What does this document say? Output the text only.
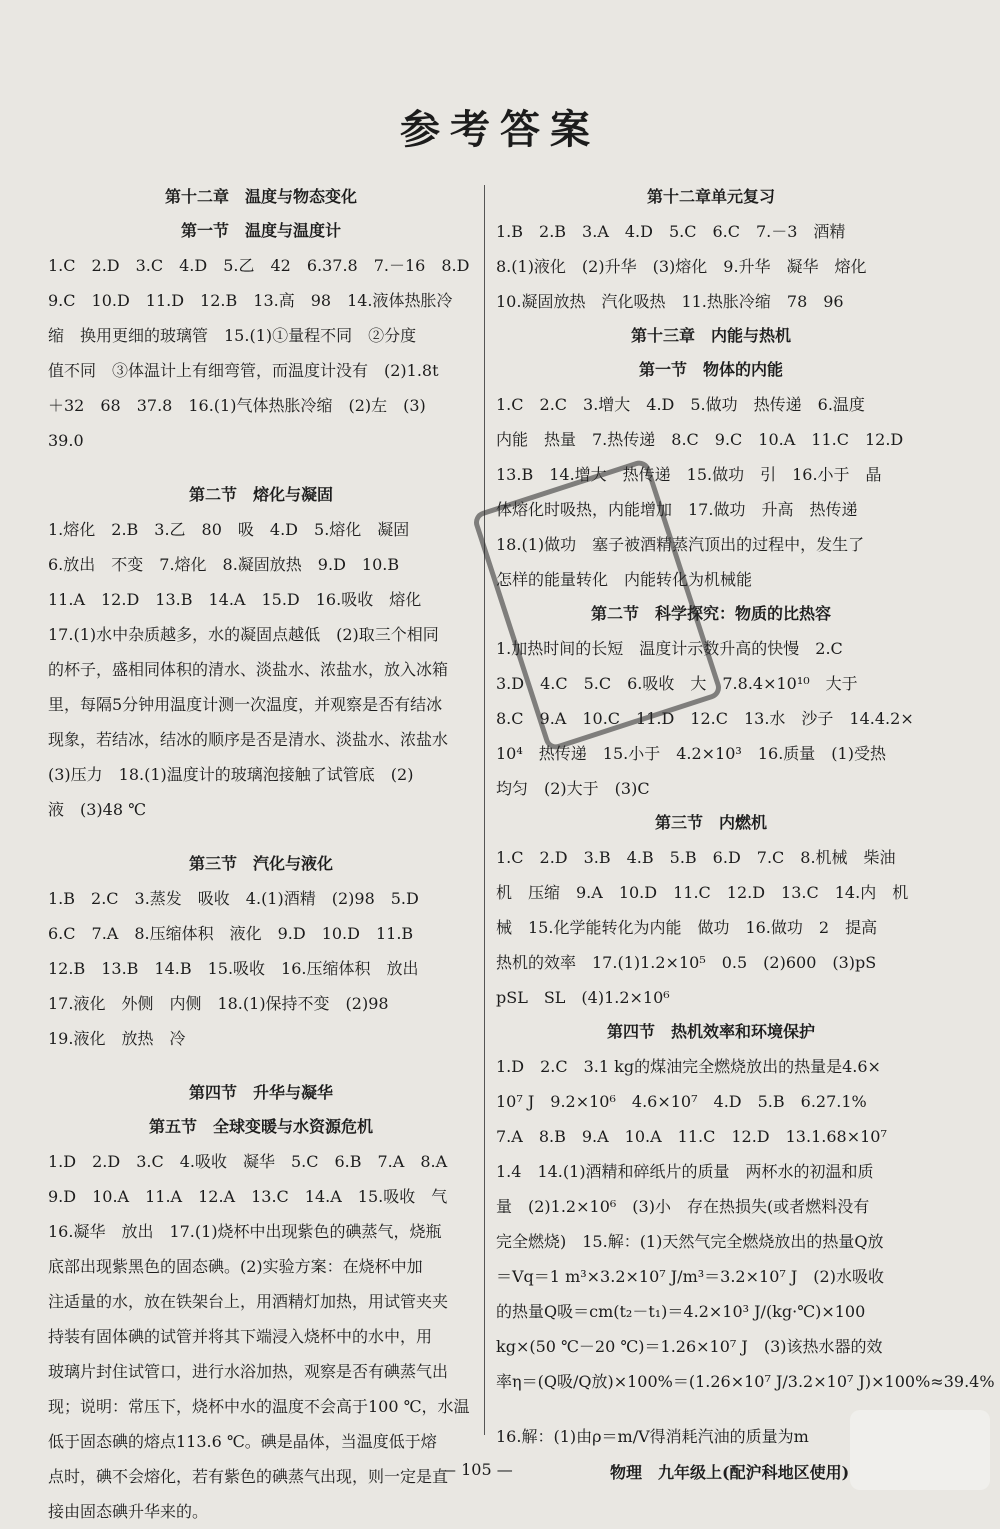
参考答案
第十二章　温度与物态变化
第一节　温度与温度计
1.C　2.D　3.C　4.D　5.乙　42　6.37.8　7.－16　8.D
9.C　10.D　11.D　12.B　13.高　98　14.液体热胀冷
缩　换用更细的玻璃管　15.(1)①量程不同　②分度
值不同　③体温计上有细弯管，而温度计没有　(2)1.8t
＋32　68　37.8　16.(1)气体热胀冷缩　(2)左　(3)
39.0
第二节　熔化与凝固
1.熔化　2.B　3.乙　80　吸　4.D　5.熔化　凝固
6.放出　不变　7.熔化　8.凝固放热　9.D　10.B
11.A　12.D　13.B　14.A　15.D　16.吸收　熔化
17.(1)水中杂质越多，水的凝固点越低　(2)取三个相同
的杯子，盛相同体积的清水、淡盐水、浓盐水，放入冰箱
里，每隔5分钟用温度计测一次温度，并观察是否有结冰
现象，若结冰，结冰的顺序是否是清水、淡盐水、浓盐水
(3)压力　18.(1)温度计的玻璃泡接触了试管底　(2)
液　(3)48 ℃
第三节　汽化与液化
1.B　2.C　3.蒸发　吸收　4.(1)酒精　(2)98　5.D
6.C　7.A　8.压缩体积　液化　9.D　10.D　11.B
12.B　13.B　14.B　15.吸收　16.压缩体积　放出
17.液化　外侧　内侧　18.(1)保持不变　(2)98
19.液化　放热　冷
第四节　升华与凝华
第五节　全球变暖与水资源危机
1.D　2.D　3.C　4.吸收　凝华　5.C　6.B　7.A　8.A
9.D　10.A　11.A　12.A　13.C　14.A　15.吸收　气
16.凝华　放出　17.(1)烧杯中出现紫色的碘蒸气，烧瓶
底部出现紫黑色的固态碘。(2)实验方案：在烧杯中加
注适量的水，放在铁架台上，用酒精灯加热，用试管夹夹
持装有固体碘的试管并将其下端浸入烧杯中的水中，用
玻璃片封住试管口，进行水浴加热，观察是否有碘蒸气出
现；说明：常压下，烧杯中水的温度不会高于100 ℃，水温
低于固态碘的熔点113.6 ℃。碘是晶体，当温度低于熔
点时，碘不会熔化，若有紫色的碘蒸气出现，则一定是直
接由固态碘升华来的。
第十二章单元复习
1.B　2.B　3.A　4.D　5.C　6.C　7.－3　酒精
8.(1)液化　(2)升华　(3)熔化　9.升华　凝华　熔化
10.凝固放热　汽化吸热　11.热胀冷缩　78　96
第十三章　内能与热机
第一节　物体的内能
1.C　2.C　3.增大　4.D　5.做功　热传递　6.温度
内能　热量　7.热传递　8.C　9.C　10.A　11.C　12.D
13.B　14.增大　热传递　15.做功　引　16.小于　晶
体熔化时吸热，内能增加　17.做功　升高　热传递
18.(1)做功　塞子被酒精蒸汽顶出的过程中，发生了
怎样的能量转化　内能转化为机械能
第二节　科学探究：物质的比热容
1.加热时间的长短　温度计示数升高的快慢　2.C
3.D　4.C　5.C　6.吸收　大　7.8.4×10¹⁰　大于
8.C　9.A　10.C　11.D　12.C　13.水　沙子　14.4.2×
10⁴　热传递　15.小于　4.2×10³　16.质量　(1)受热
均匀　(2)大于　(3)C
第三节　内燃机
1.C　2.D　3.B　4.B　5.B　6.D　7.C　8.机械　柴油
机　压缩　9.A　10.D　11.C　12.D　13.C　14.内　机
械　15.化学能转化为内能　做功　16.做功　2　提高
热机的效率　17.(1)1.2×10⁵　0.5　(2)600　(3)pS
pSL　SL　(4)1.2×10⁶
第四节　热机效率和环境保护
1.D　2.C　3.1 kg的煤油完全燃烧放出的热量是4.6×
10⁷ J　9.2×10⁶　4.6×10⁷　4.D　5.B　6.27.1%
7.A　8.B　9.A　10.A　11.C　12.D　13.1.68×10⁷
1.4　14.(1)酒精和碎纸片的质量　两杯水的初温和质
量　(2)1.2×10⁶　(3)小　存在热损失(或者燃料没有
完全燃烧)　15.解：(1)天然气完全燃烧放出的热量Q放
＝Vq＝1 m³×3.2×10⁷ J/m³＝3.2×10⁷ J　(2)水吸收
的热量Q吸＝cm(t₂－t₁)＝4.2×10³ J/(kg·℃)×100
kg×(50 ℃－20 ℃)＝1.26×10⁷ J　(3)该热水器的效
率η＝(Q吸/Q放)×100%＝(1.26×10⁷ J/3.2×10⁷ J)×100%≈39.4%
16.解：(1)由ρ＝m/V得消耗汽油的质量为m
— 105 —	物理　九年级上(配沪科地区使用)
